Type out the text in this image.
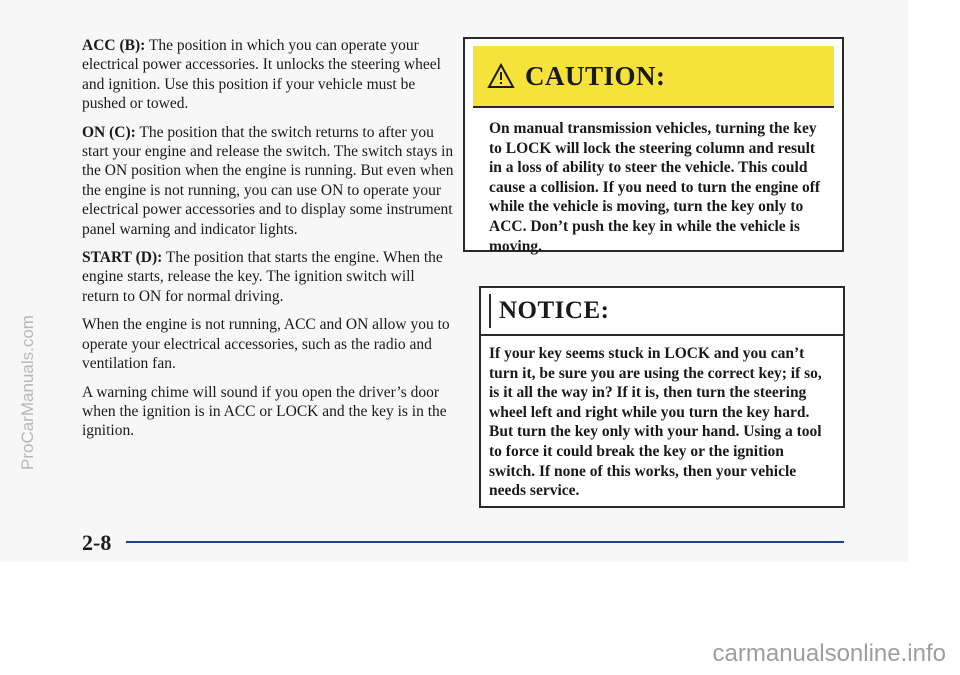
ACC (B): The position in which you can operate your electrical power accessories. It unlocks the steering wheel and ignition. Use this position if your vehicle must be pushed or towed.

ON (C): The position that the switch returns to after you start your engine and release the switch. The switch stays in the ON position when the engine is running. But even when the engine is not running, you can use ON to operate your electrical power accessories and to display some instrument panel warning and indicator lights.

START (D): The position that starts the engine. When the engine starts, release the key. The ignition switch will return to ON for normal driving.

When the engine is not running, ACC and ON allow you to operate your electrical accessories, such as the radio and ventilation fan.

A warning chime will sound if you open the driver’s door when the ignition is in ACC or LOCK and the key is in the ignition.

CAUTION:
On manual transmission vehicles, turning the key to LOCK will lock the steering column and result in a loss of ability to steer the vehicle. This could cause a collision. If you need to turn the engine off while the vehicle is moving, turn the key only to ACC. Don’t push the key in while the vehicle is moving.
NOTICE:
If your key seems stuck in LOCK and you can’t turn it, be sure you are using the correct key; if so, is it all the way in? If it is, then turn the steering wheel left and right while you turn the key hard. But turn the key only with your hand. Using a tool to force it could break the key or the ignition switch. If none of this works, then your vehicle needs service.
2-8
ProCarManuals.com
carmanualsonline.info
